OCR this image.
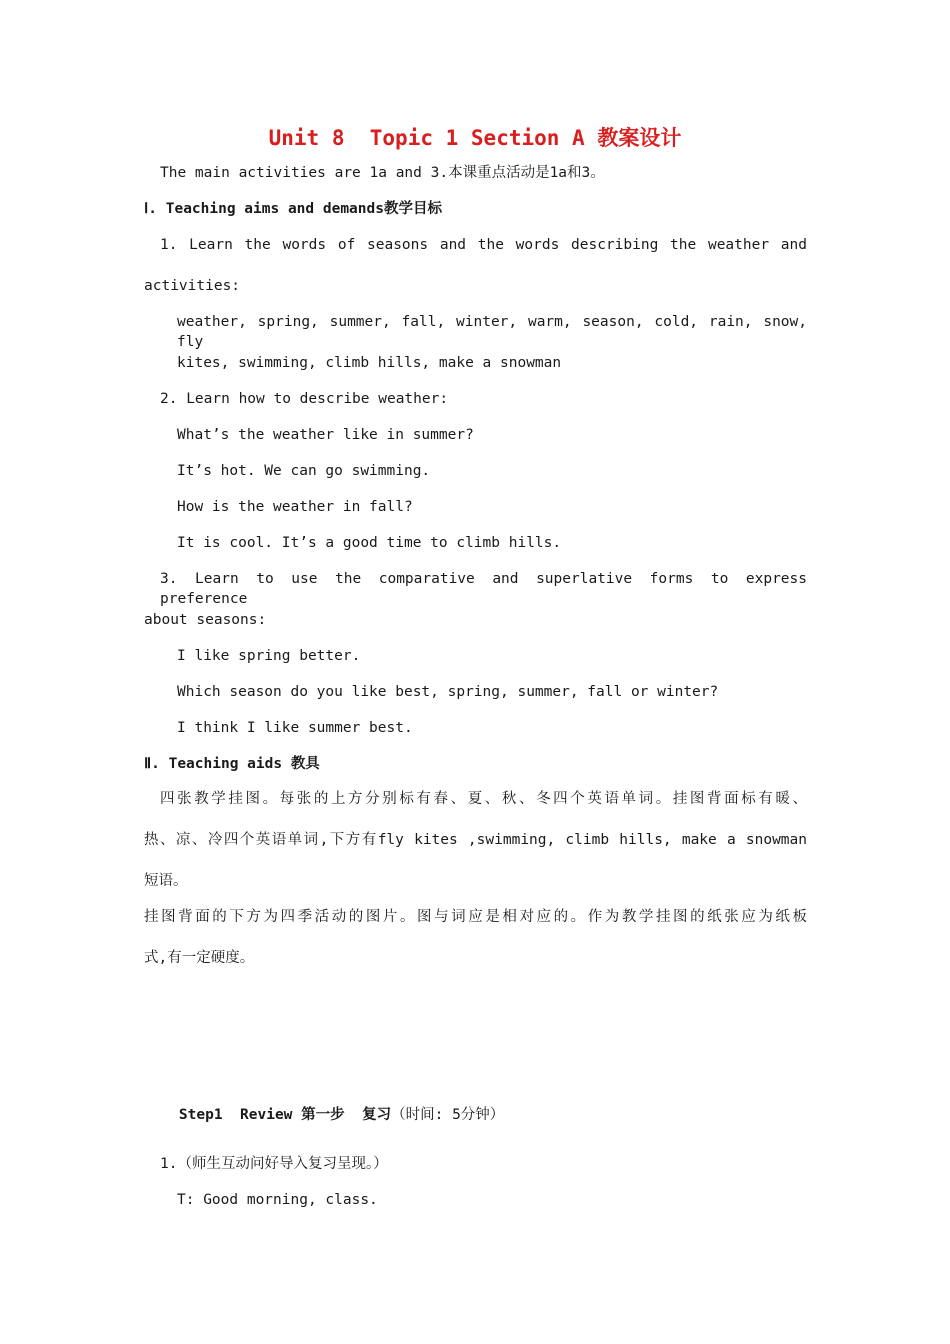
Unit 8  Topic 1 Section A 教案设计
The main activities are 1a and 3.本课重点活动是1a和3。
Ⅰ. Teaching aims and demands教学目标
1. Learn the words of seasons and the words describing the weather and
activities:
weather, spring, summer, fall, winter, warm, season, cold, rain, snow, fly
kites, swimming, climb hills, make a snowman
2. Learn how to describe weather:
What’s the weather like in summer?
It’s hot. We can go swimming.
How is the weather in fall?
It is cool. It’s a good time to climb hills.
3. Learn to use the comparative and superlative forms to express preference
about seasons:
I like spring better.
Which season do you like best, spring, summer, fall or winter?
I think I like summer best.
Ⅱ. Teaching aids 教具
四张教学挂图。每张的上方分别标有春、夏、秋、冬四个英语单词。挂图背面标有暖、
热、凉、冷四个英语单词,下方有fly kites ,swimming, climb hills, make a snowman
短语。
挂图背面的下方为四季活动的图片。图与词应是相对应的。作为教学挂图的纸张应为纸板
式,有一定硬度。

Step1  Review 第一步  复习（时间: 5分钟）

1.（师生互动问好导入复习呈现。）
T: Good morning, class.
